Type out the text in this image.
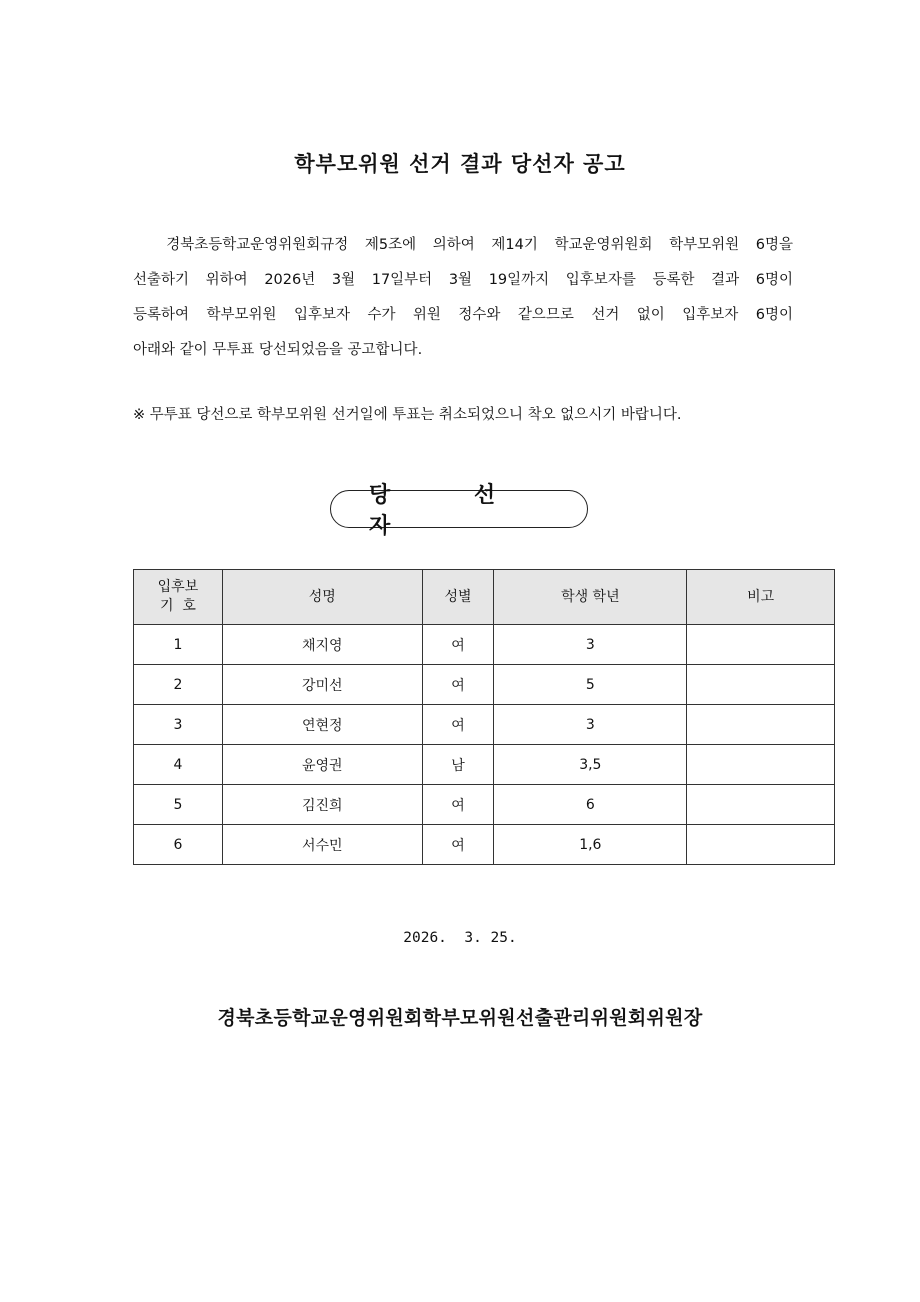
학부모위원 선거 결과 당선자 공고
경북초등학교운영위원회규정 제5조에 의하여 제14기 학교운영위원회 학부모위원 6명을
선출하기 위하여 2026년 3월 17일부터 3월 19일까지 입후보자를 등록한 결과 6명이
등록하여 학부모위원 입후보자 수가 위원 정수와 같으므로 선거 없이 입후보자 6명이
아래와 같이 무투표 당선되었음을 공고합니다.
※ 무투표 당선으로 학부모위원 선거일에 투표는 취소되었으니 착오 없으시기 바랍니다.
당 선 자
입후보
기  호	성명	성별	학생 학년	비고
1	채지영	여	3	
2	강미선	여	5	
3	연현정	여	3	
4	윤영권	남	3,5	
5	김진희	여	6	
6	서수민	여	1,6	
2026.  3. 25.
경북초등학교운영위원회학부모위원선출관리위원회위원장
